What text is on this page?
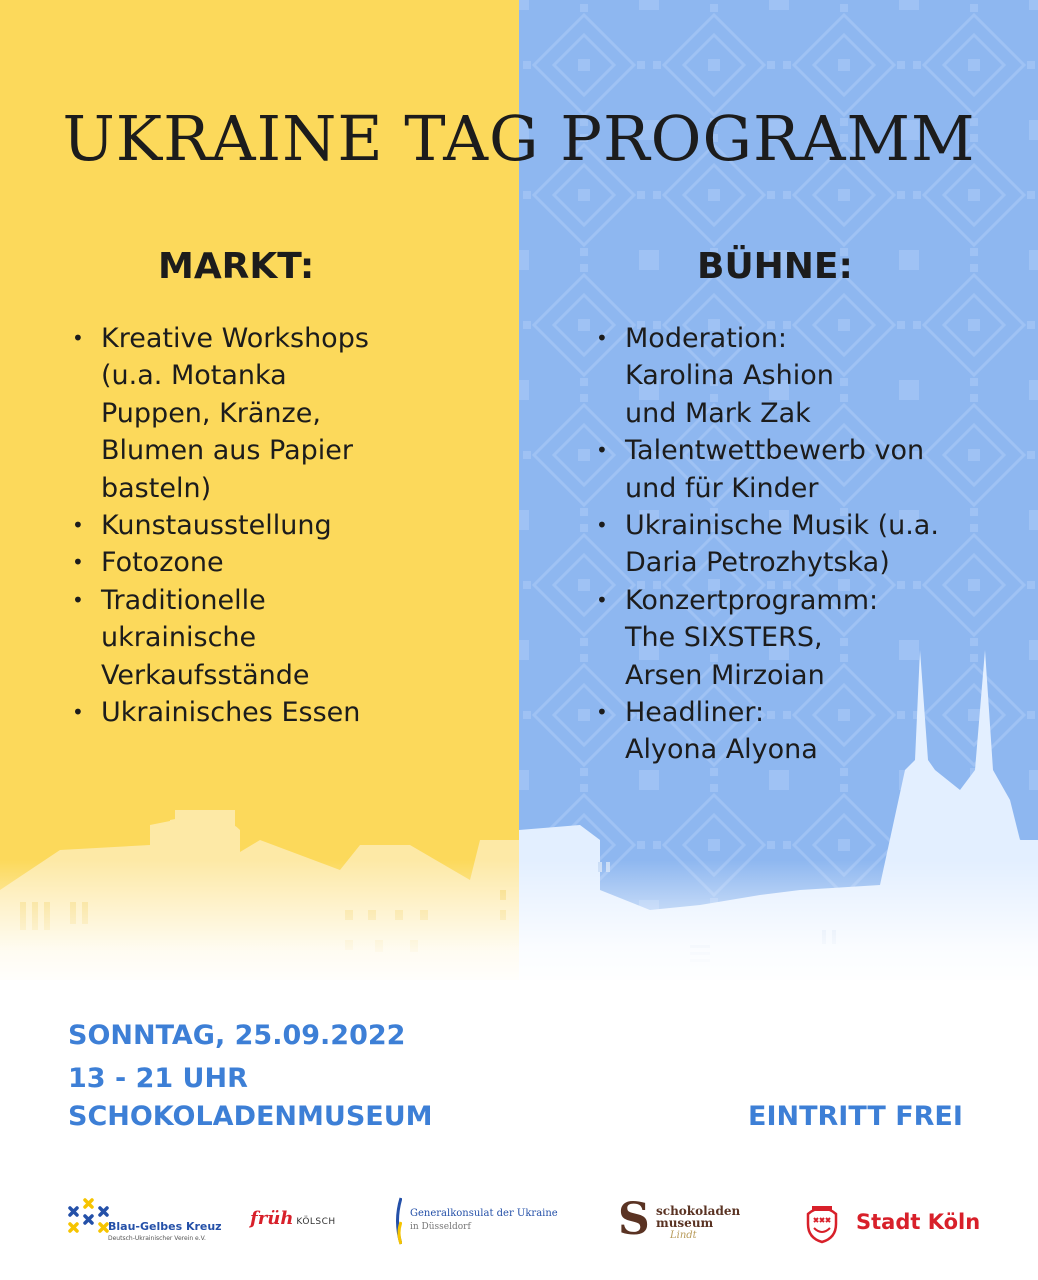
UKRAINE TAG PROGRAMM
MARKT:	BÜHNE:
• Kreative Workshops
(u.a. Motanka
Puppen, Kränze,
Blumen aus Papier
basteln)
• Kunstausstellung
• Fotozone
• Traditionelle
ukrainische
Verkaufsstände
• Ukrainisches Essen
• Moderation:
Karolina Ashion
und Mark Zak
• Talentwettbewerb von
und für Kinder
• Ukrainische Musik (u.a.
Daria Petrozhytska)
• Konzertprogramm:
The SIXSTERS,
Arsen Mirzoian
• Headliner:
Alyona Alyona

SONNTAG, 25.09.2022

13 - 21 UHR

SCHOKOLADENMUSEUM	EINTRITT FREI
Blau-Gelbes Kreuz
Deutsch-Ukrainischer Verein e.V.
früh KÖLSCH
Generalkonsulat der Ukraine
in Düsseldorf	S schokoladen
museum
Lindt
Stadt Köln
